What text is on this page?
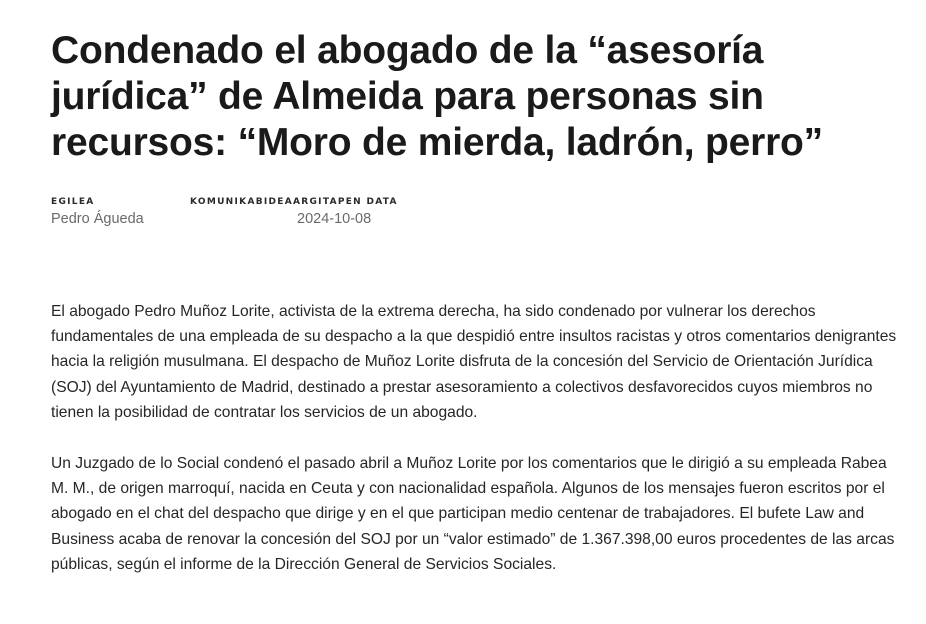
Condenado el abogado de la “asesoría jurídica” de Almeida para personas sin recursos: “Moro de mierda, ladrón, perro”
EGILEA
Pedro Águeda
KOMUNIKABIDEAARGITAPEN DATA
2024-10-08

El abogado Pedro Muñoz Lorite, activista de la extrema derecha, ha sido condenado por vulnerar los derechos fundamentales de una empleada de su despacho a la que despidió entre insultos racistas y otros comentarios denigrantes hacia la religión musulmana. El despacho de Muñoz Lorite disfruta de la concesión del Servicio de Orientación Jurídica (SOJ) del Ayuntamiento de Madrid, destinado a prestar asesoramiento a colectivos desfavorecidos cuyos miembros no tienen la posibilidad de contratar los servicios de un abogado.

Un Juzgado de lo Social condenó el pasado abril a Muñoz Lorite por los comentarios que le dirigió a su empleada Rabea M. M., de origen marroquí, nacida en Ceuta y con nacionalidad española. Algunos de los mensajes fueron escritos por el abogado en el chat del despacho que dirige y en el que participan medio centenar de trabajadores. El bufete Law and Business acaba de renovar la concesión del SOJ por un “valor estimado” de 1.367.398,00 euros procedentes de las arcas públicas, según el informe de la Dirección General de Servicios Sociales.
